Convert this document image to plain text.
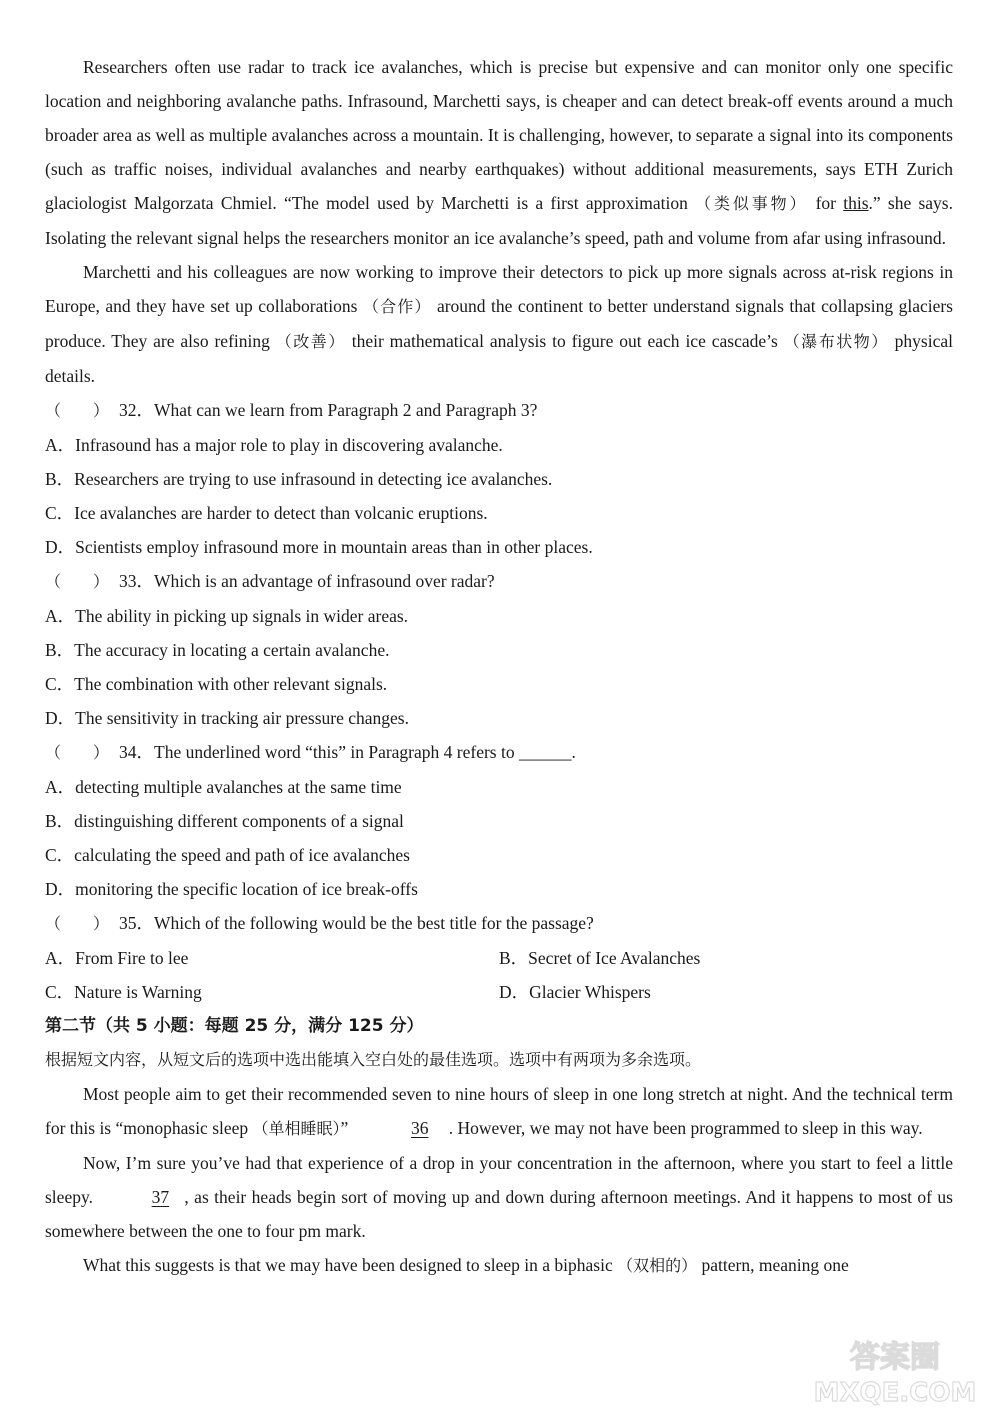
Researchers often use radar to track ice avalanches, which is precise but expensive and can monitor only one specific location and neighboring avalanche paths. Infrasound, Marchetti says, is cheaper and can detect break-off events around a much broader area as well as multiple avalanches across a mountain. It is challenging, however, to separate a signal into its components (such as traffic noises, individual avalanches and nearby earthquakes) without additional measurements, says ETH Zurich glaciologist Malgorzata Chmiel. “The model used by Marchetti is a first approximation （类似事物） for this.” she says. Isolating the relevant signal helps the researchers monitor an ice avalanche’s speed, path and volume from afar using infrasound.

Marchetti and his colleagues are now working to improve their detectors to pick up more signals across at-risk regions in Europe, and they have set up collaborations （合作） around the continent to better understand signals that collapsing glaciers produce. They are also refining （改善） their mathematical analysis to figure out each ice cascade’s （瀑布状物） physical details.

（　　） 32．What can we learn from Paragraph 2 and Paragraph 3?
A．Infrasound has a major role to play in discovering avalanche.
B．Researchers are trying to use infrasound in detecting ice avalanches.
C．Ice avalanches are harder to detect than volcanic eruptions.
D．Scientists employ infrasound more in mountain areas than in other places.
（　　） 33．Which is an advantage of infrasound over radar?
A．The ability in picking up signals in wider areas.
B．The accuracy in locating a certain avalanche.
C．The combination with other relevant signals.
D．The sensitivity in tracking air pressure changes.
（　　） 34．The underlined word “this” in Paragraph 4 refers to ______.
A．detecting multiple avalanches at the same time
B．distinguishing different components of a signal
C．calculating the speed and path of ice avalanches
D．monitoring the specific location of ice break-offs
（　　） 35．Which of the following would be the best title for the passage?
A．From Fire to lee	B．Secret of Ice Avalanches
C．Nature is Warning	D．Glacier Whispers
第二节（共 5 小题：每题 25 分，满分 125 分）
根据短文内容，从短文后的选项中选出能填入空白处的最佳选项。选项中有两项为多余选项。

Most people aim to get their recommended seven to nine hours of sleep in one long stretch at night. And the technical term for this is “monophasic sleep （单相睡眠）”	36 . However, we may not have been programmed to sleep in this way.

Now, I’m sure you’ve had that experience of a drop in your concentration in the afternoon, where you start to feel a little sleepy.	37 , as their heads begin sort of moving up and down during afternoon meetings. And it happens to most of us somewhere between the one to four pm mark.

What this suggests is that we may have been designed to sleep in a biphasic （双相的） pattern, meaning one

答案圈
MXQE.COM
